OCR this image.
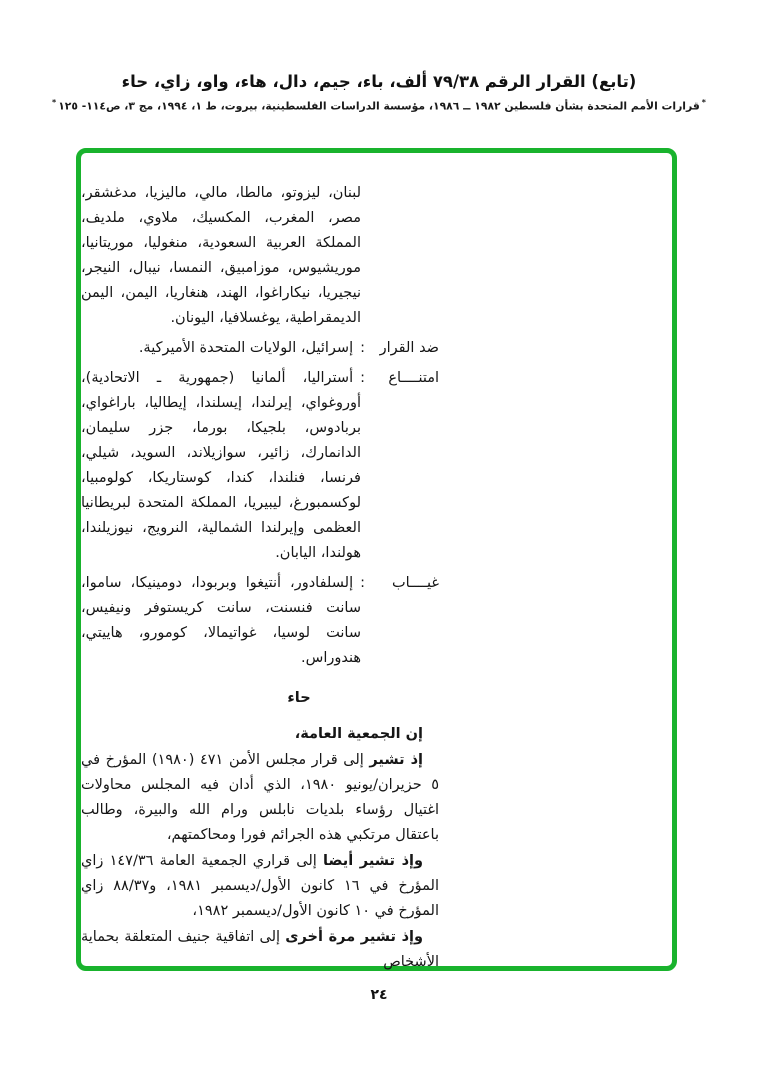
(تابع) القرار الرقم ٧٩/٣٨ ألف، باء، جيم، دال، هاء، واو، زاي، حاء
*قرارات الأمم المتحدة بشأن فلسطين ١٩٨٢ ــ ١٩٨٦، مؤسسة الدراسات الفلسطينية، بيروت، ط ١، ١٩٩٤، مج ٣، ص١١٤- ١٢٥*

لبنان، ليزوتو، مالطا، مالي، ماليزيا، مدغشقر، مصر، المغرب، المكسيك، ملاوي، ملديف، المملكة العربية السعودية، منغوليا، موريتانيا، موريشيوس، موزامبيق، النمسا، نيبال، النيجر، نيجيريا، نيكاراغوا، الهند، هنغاريا، اليمن، اليمن الديمقراطية، يوغسلافيا، اليونان.

ضد القرار:إسرائيل، الولايات المتحدة الأميركية.

امتنــــاع:أستراليا، ألمانيا (جمهورية ـ الاتحادية)، أوروغواي، إيرلندا، إيسلندا، إيطاليا، باراغواي، بربادوس، بلجيكا، بورما، جزر سليمان، الدانمارك، زائير، سوازيلاند، السويد، شيلي، فرنسا، فنلندا، كندا، كوستاريكا، كولومبيا، لوكسمبورغ، ليبيريا، المملكة المتحدة لبريطانيا العظمى وإيرلندا الشمالية، النرويج، نيوزيلندا، هولندا، اليابان.

غيــــاب:إلسلفادور، أنتيغوا وبربودا، دومينيكا، ساموا، سانت فنسنت، سانت كريستوفر ونيفيس، سانت لوسيا، غواتيمالا، كومورو، هاييتي، هندوراس.

حاء

إن الجمعية العامة،

إذ تشير إلى قرار مجلس الأمن ٤٧١ (١٩٨٠) المؤرخ في ٥ حزيران/يونيو ١٩٨٠، الذي أدان فيه المجلس محاولات اغتيال رؤساء بلديات نابلس ورام الله والبيرة، وطالب باعتقال مرتكبي هذه الجرائم فورا ومحاكمتهم،

وإذ تشير أيضا إلى قراري الجمعية العامة ١٤٧/٣٦ زاي المؤرخ في ١٦ كانون الأول/ديسمبر ١٩٨١، و٨٨/٣٧ زاي المؤرخ في ١٠ كانون الأول/ديسمبر ١٩٨٢،

وإذ تشير مرة أخرى إلى اتفاقية جنيف المتعلقة بحماية الأشخاص

٢٤
